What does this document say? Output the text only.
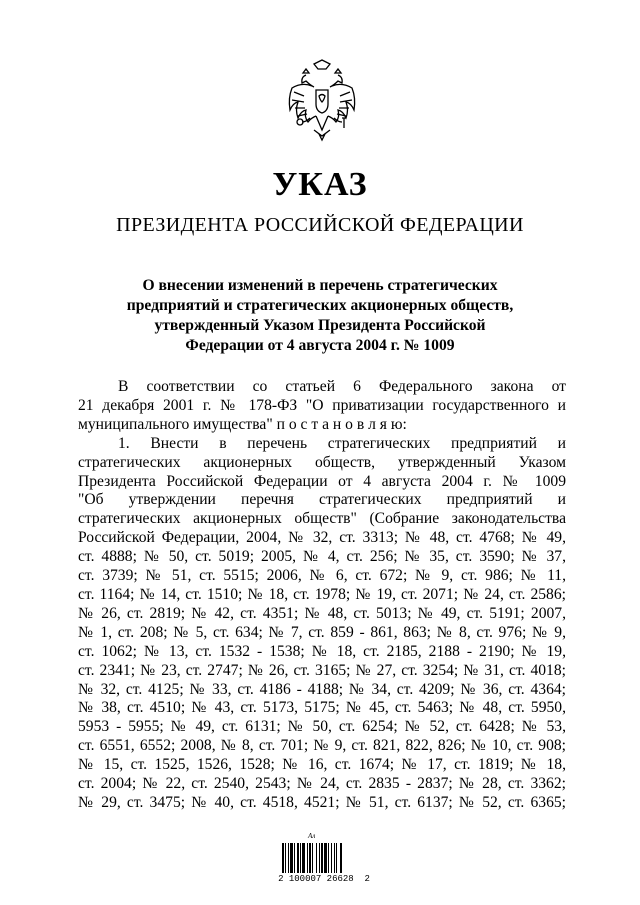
УКАЗ
ПРЕЗИДЕНТА РОССИЙСКОЙ ФЕДЕРАЦИИ
О внесении изменений в перечень стратегических
предприятий и стратегических акционерных обществ,
утвержденный Указом Президента Российской
Федерации от 4 августа 2004 г. № 1009
В соответствии со статьей 6 Федерального закона от
21 декабря 2001 г. № 178-ФЗ "О приватизации государственного и
муниципального имущества" п о с т а н о в л я ю:
1. Внести в перечень стратегических предприятий и
стратегических акционерных обществ, утвержденный Указом
Президента Российской Федерации от 4 августа 2004 г. № 1009
"Об утверждении перечня стратегических предприятий и
стратегических акционерных обществ" (Собрание законодательства
Российской Федерации, 2004, № 32, ст. 3313; № 48, ст. 4768; № 49,
ст. 4888; № 50, ст. 5019; 2005, № 4, ст. 256; № 35, ст. 3590; № 37,
ст. 3739; № 51, ст. 5515; 2006, № 6, ст. 672; № 9, ст. 986; № 11,
ст. 1164; № 14, ст. 1510; № 18, ст. 1978; № 19, ст. 2071; № 24, ст. 2586;
№ 26, ст. 2819; № 42, ст. 4351; № 48, ст. 5013; № 49, ст. 5191; 2007,
№ 1, ст. 208; № 5, ст. 634; № 7, ст. 859 - 861, 863; № 8, ст. 976; № 9,
ст. 1062; № 13, ст. 1532 - 1538; № 18, ст. 2185, 2188 - 2190; № 19,
ст. 2341; № 23, ст. 2747; № 26, ст. 3165; № 27, ст. 3254; № 31, ст. 4018;
№ 32, ст. 4125; № 33, ст. 4186 - 4188; № 34, ст. 4209; № 36, ст. 4364;
№ 38, ст. 4510; № 43, ст. 5173, 5175; № 45, ст. 5463; № 48, ст. 5950,
5953 - 5955; № 49, ст. 6131; № 50, ст. 6254; № 52, ст. 6428; № 53,
ст. 6551, 6552; 2008, № 8, ст. 701; № 9, ст. 821, 822, 826; № 10, ст. 908;
№ 15, ст. 1525, 1526, 1528; № 16, ст. 1674; № 17, ст. 1819; № 18,
ст. 2004; № 22, ст. 2540, 2543; № 24, ст. 2835 - 2837; № 28, ст. 3362;
№ 29, ст. 3475; № 40, ст. 4518, 4521; № 51, ст. 6137; № 52, ст. 6365;
Ал
2 100007 26628  2
